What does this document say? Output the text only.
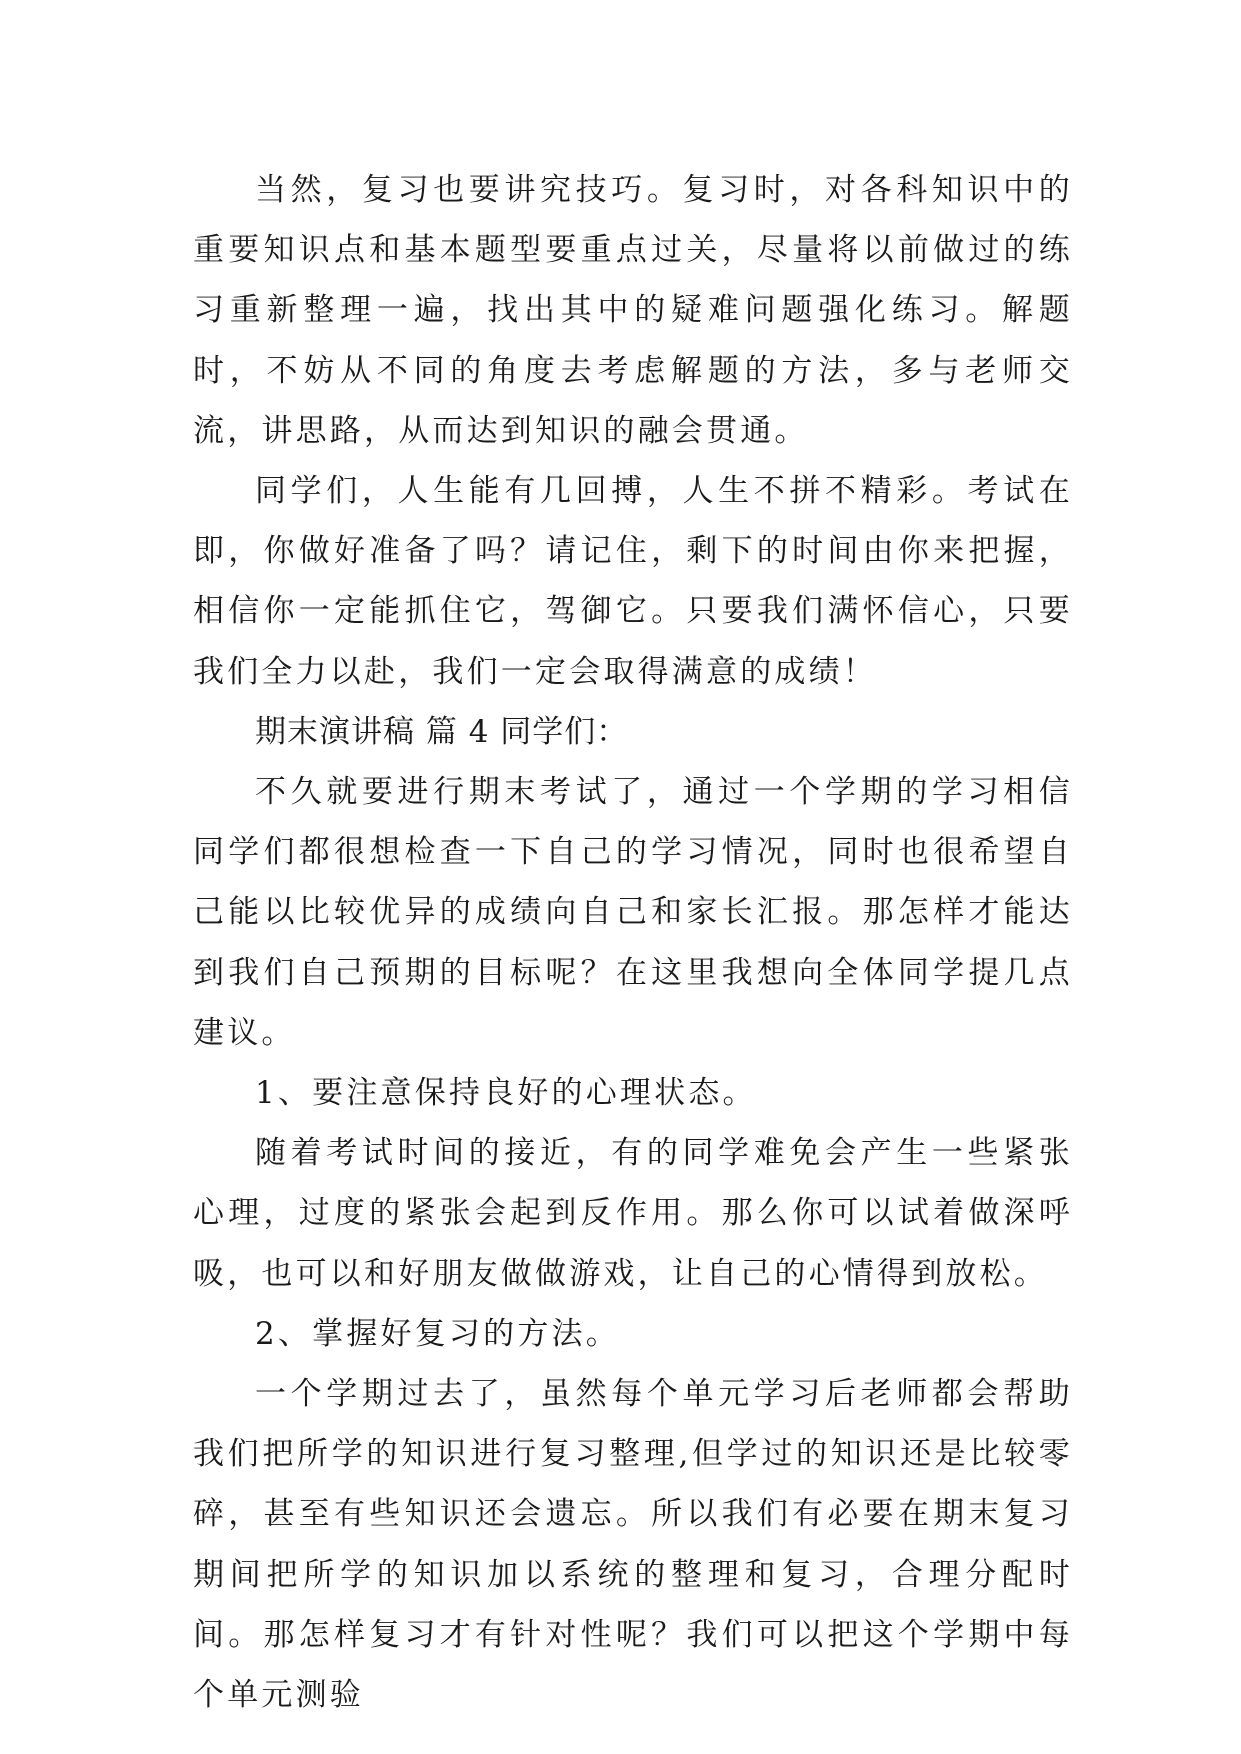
当然，复习也要讲究技巧。复习时，对各科知识中的重要知识点和基本题型要重点过关，尽量将以前做过的练习重新整理一遍，找出其中的疑难问题强化练习。解题时，不妨从不同的角度去考虑解题的方法，多与老师交流，讲思路，从而达到知识的融会贯通。

同学们，人生能有几回搏，人生不拼不精彩。考试在即，你做好准备了吗？请记住，剩下的时间由你来把握，相信你一定能抓住它，驾御它。只要我们满怀信心，只要我们全力以赴，我们一定会取得满意的成绩！

期末演讲稿 篇 4 同学们：

不久就要进行期末考试了，通过一个学期的学习相信同学们都很想检查一下自己的学习情况，同时也很希望自己能以比较优异的成绩向自己和家长汇报。那怎样才能达到我们自己预期的目标呢？在这里我想向全体同学提几点建议。

1、要注意保持良好的心理状态。

随着考试时间的接近，有的同学难免会产生一些紧张心理，过度的紧张会起到反作用。那么你可以试着做深呼吸，也可以和好朋友做做游戏，让自己的心情得到放松。

2、掌握好复习的方法。

一个学期过去了，虽然每个单元学习后老师都会帮助我们把所学的知识进行复习整理,但学过的知识还是比较零碎，甚至有些知识还会遗忘。所以我们有必要在期末复习期间把所学的知识加以系统的整理和复习，合理分配时间。那怎样复习才有针对性呢？我们可以把这个学期中每个单元测验
